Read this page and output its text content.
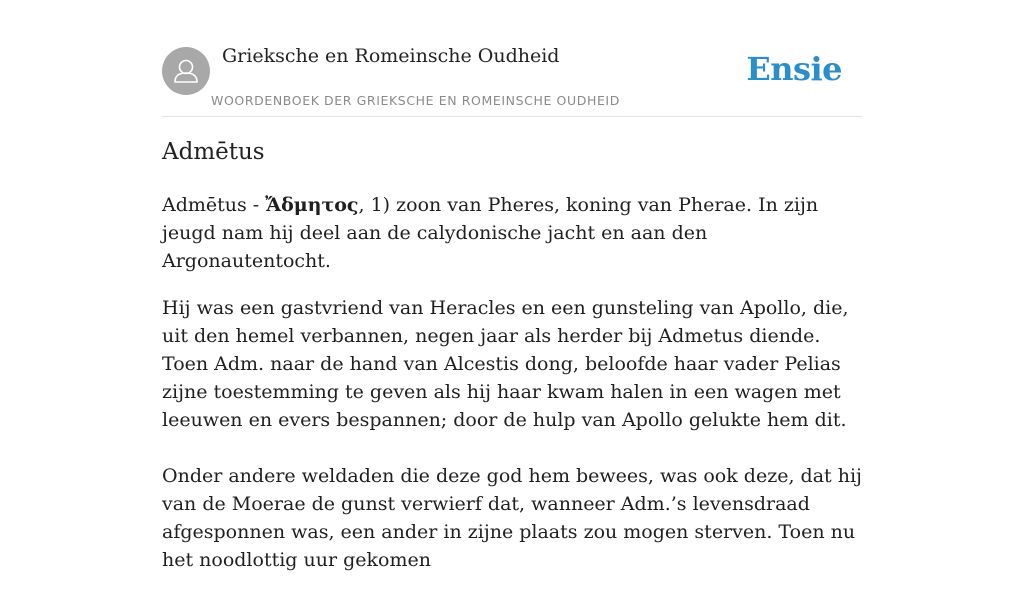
Grieksche en Romeinsche Oudheid
WOORDENBOEK DER GRIEKSCHE EN ROMEINSCHE OUDHEID
Ensie
Admētus

Admētus - Ἄδμητος, 1) zoon van Pheres, koning van Pherae. In zijn jeugd nam hij deel aan de calydonische jacht en aan den Argonautentocht.

Hij was een gastvriend van Heracles en een gunsteling van Apollo, die, uit den hemel verbannen, negen jaar als herder bij Admetus diende. Toen Adm. naar de hand van Alcestis dong, beloofde haar vader Pelias zijne toestemming te geven als hij haar kwam halen in een wagen met leeuwen en evers bespannen; door de hulp van Apollo gelukte hem dit.

Onder andere weldaden die deze god hem bewees, was ook deze, dat hij van de Moerae de gunst verwierf dat, wanneer Adm.’s levensdraad afgesponnen was, een ander in zijne plaats zou mogen sterven. Toen nu het noodlottig uur gekomen
